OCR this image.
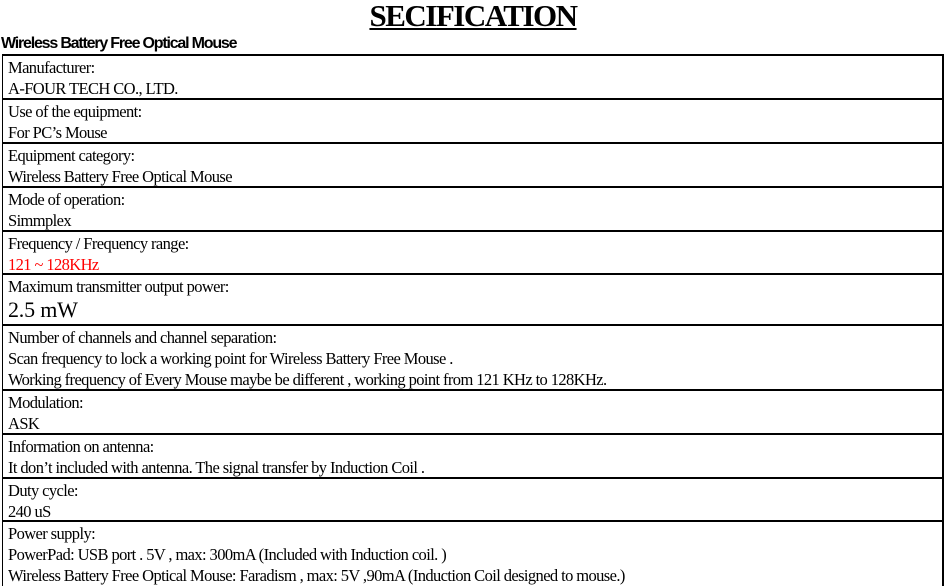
SECIFICATION
Wireless Battery Free Optical Mouse
Manufacturer:
A-FOUR TECH CO., LTD.
Use of the equipment:
For PC’s Mouse
Equipment category:
Wireless Battery Free Optical Mouse
Mode of operation:
Simmplex
Frequency / Frequency range:
121 ~ 128KHz
Maximum transmitter output power:
2.5 mW
Number of channels and channel separation:
Scan frequency to lock a working point for Wireless Battery Free Mouse .
Working frequency of Every Mouse maybe be different , working point from 121 KHz to 128KHz.
Modulation:
ASK
Information on antenna:
It don’t included with antenna. The signal transfer by Induction Coil .
Duty cycle:
240 uS
Power supply:
PowerPad: USB port . 5V , max: 300mA (Included with Induction coil. )
Wireless Battery Free Optical Mouse: Faradism , max: 5V ,90mA (Induction Coil designed to mouse.)
